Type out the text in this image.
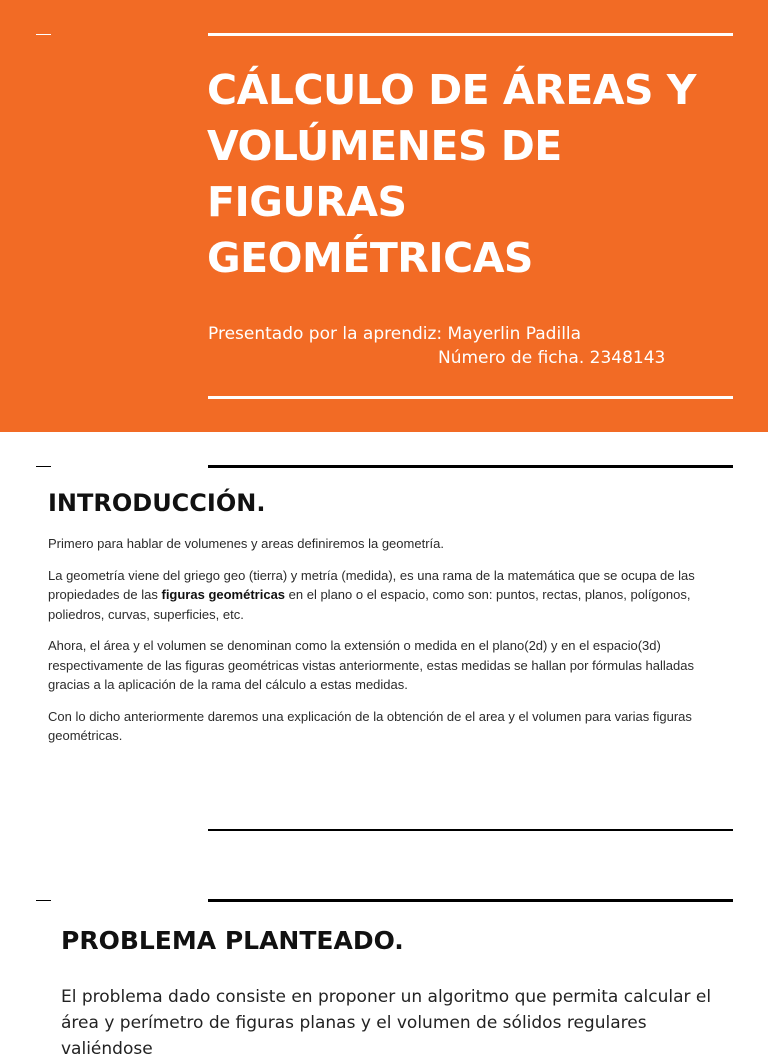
CÁLCULO DE ÁREAS Y VOLÚMENES DE FIGURAS GEOMÉTRICAS
Presentado por la aprendiz: Mayerlin Padilla
Número de ficha. 2348143
INTRODUCCIÓN.

Primero para hablar de volumenes y areas definiremos la geometría.

La geometría viene del griego geo (tierra) y metría (medida), es una rama de la matemática que se ocupa de las propiedades de las figuras geométricas en el plano o el espacio, como son: puntos, rectas, planos, polígonos, poliedros, curvas, superficies, etc.

Ahora, el área y el volumen se denominan como la extensión o medida en el plano(2d) y en el espacio(3d) respectivamente de las figuras geométricas vistas anteriormente, estas medidas se hallan por fórmulas halladas gracias a la aplicación de la rama del cálculo a estas medidas.

Con lo dicho anteriormente daremos una explicación de la obtención de el area y el volumen para varias figuras geométricas.

PROBLEMA PLANTEADO.

El problema dado consiste en proponer un algoritmo que permita calcular el área y perímetro de figuras planas y el volumen de sólidos regulares valiéndose
